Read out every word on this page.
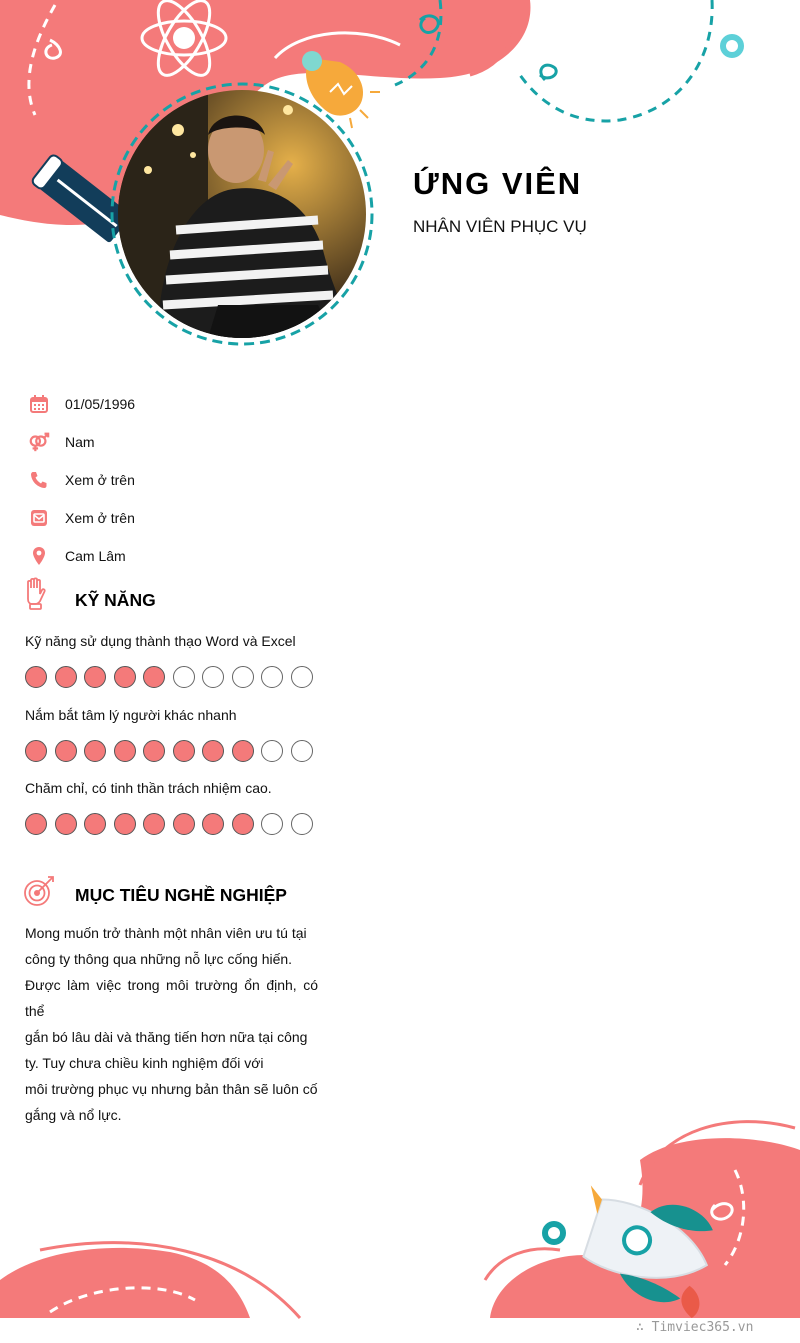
ỨNG VIÊN
NHÂN VIÊN PHỤC VỤ
01/05/1996
Nam
Xem ở trên
Xem ở trên
Cam Lâm
KỸ NĂNG
Kỹ năng sử dụng thành thạo Word và Excel
Nắm bắt tâm lý người khác nhanh
Chăm chỉ, có tinh thần trách nhiệm cao.
MỤC TIÊU NGHỀ NGHIỆP
Mong muốn trở thành một nhân viên ưu tú tại
công ty thông qua những nỗ lực cống hiến.
Được làm việc trong môi trường ổn định, có thể
gắn bó lâu dài và thăng tiến hơn nữa tại công
ty. Tuy chưa chiều kinh nghiệm đối với
môi trường phục vụ nhưng bản thân sẽ luôn cố
gắng và nổ lực.
∴ Timviec365.vn
